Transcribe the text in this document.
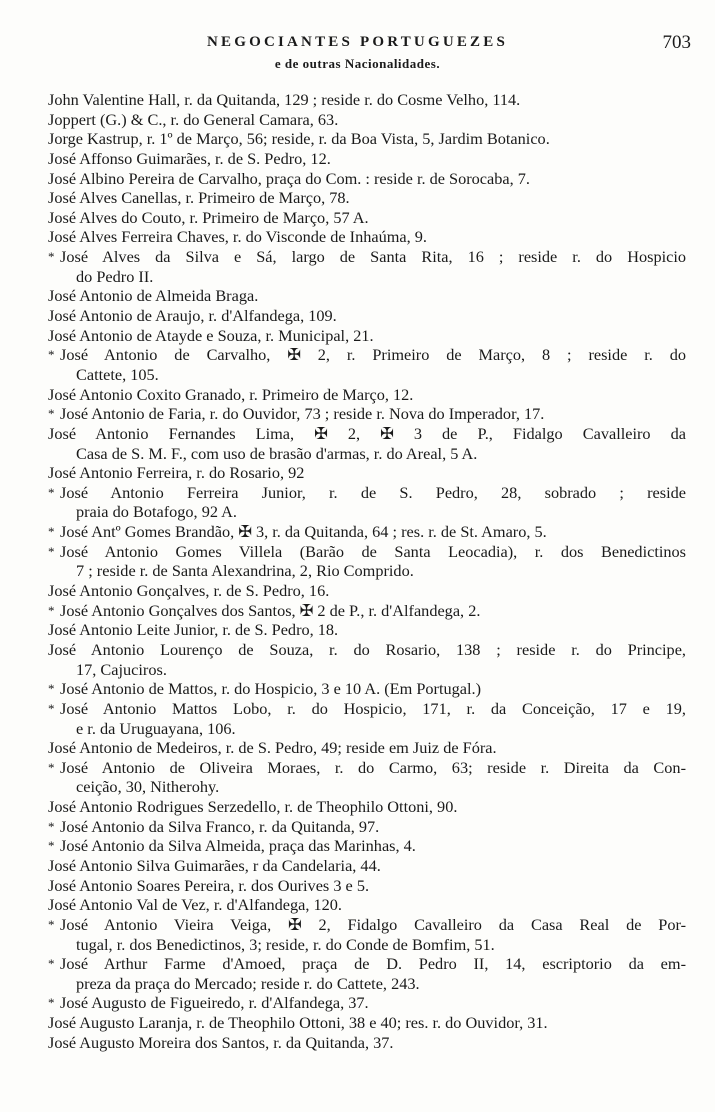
NEGOCIANTES PORTUGUEZES	703
e de outras Nacionalidades.
John Valentine Hall, r. da Quitanda, 129 ; reside r. do Cosme Velho, 114.
Joppert (G.) & C., r. do General Camara, 63.
Jorge Kastrup, r. 1º de Março, 56; reside, r. da Boa Vista, 5, Jardim Botanico.
José Affonso Guimarães, r. de S. Pedro, 12.
José Albino Pereira de Carvalho, praça do Com. : reside r. de Sorocaba, 7.
José Alves Canellas, r. Primeiro de Março, 78.
José Alves do Couto, r. Primeiro de Março, 57 A.
José Alves Ferreira Chaves, r. do Visconde de Inhaúma, 9.
* José Alves da Silva e Sá, largo de Santa Rita, 16 ; reside r. do Hospicio
do Pedro II.
José Antonio de Almeida Braga.
José Antonio de Araujo, r. d'Alfandega, 109.
José Antonio de Atayde e Souza, r. Municipal, 21.
* José Antonio de Carvalho, ✠ 2, r. Primeiro de Março, 8 ; reside r. do
Cattete, 105.
José Antonio Coxito Granado, r. Primeiro de Março, 12.
* José Antonio de Faria, r. do Ouvidor, 73 ; reside r. Nova do Imperador, 17.
José Antonio Fernandes Lima, ✠ 2, ✠ 3 de P., Fidalgo Cavalleiro da
Casa de S. M. F., com uso de brasão d'armas, r. do Areal, 5 A.
José Antonio Ferreira, r. do Rosario, 92
* José Antonio Ferreira Junior, r. de S. Pedro, 28, sobrado ; reside
praia do Botafogo, 92 A.
* José Antº Gomes Brandão, ✠ 3, r. da Quitanda, 64 ; res. r. de St. Amaro, 5.
* José Antonio Gomes Villela (Barão de Santa Leocadia), r. dos Benedictinos
7 ; reside r. de Santa Alexandrina, 2, Rio Comprido.
José Antonio Gonçalves, r. de S. Pedro, 16.
* José Antonio Gonçalves dos Santos, ✠ 2 de P., r. d'Alfandega, 2.
José Antonio Leite Junior, r. de S. Pedro, 18.
José Antonio Lourenço de Souza, r. do Rosario, 138 ; reside r. do Principe,
17, Cajuciros.
* José Antonio de Mattos, r. do Hospicio, 3 e 10 A. (Em Portugal.)
* José Antonio Mattos Lobo, r. do Hospicio, 171, r. da Conceição, 17 e 19,
e r. da Uruguayana, 106.
José Antonio de Medeiros, r. de S. Pedro, 49; reside em Juiz de Fóra.
* José Antonio de Oliveira Moraes, r. do Carmo, 63; reside r. Direita da Con-
ceição, 30, Nitherohy.
José Antonio Rodrigues Serzedello, r. de Theophilo Ottoni, 90.
* José Antonio da Silva Franco, r. da Quitanda, 97.
* José Antonio da Silva Almeida, praça das Marinhas, 4.
José Antonio Silva Guimarães, r da Candelaria, 44.
José Antonio Soares Pereira, r. dos Ourives 3 e 5.
José Antonio Val de Vez, r. d'Alfandega, 120.
* José Antonio Vieira Veiga, ✠ 2, Fidalgo Cavalleiro da Casa Real de Por-
tugal, r. dos Benedictinos, 3; reside, r. do Conde de Bomfim, 51.
* José Arthur Farme d'Amoed, praça de D. Pedro II, 14, escriptorio da em-
preza da praça do Mercado; reside r. do Cattete, 243.
* José Augusto de Figueiredo, r. d'Alfandega, 37.
José Augusto Laranja, r. de Theophilo Ottoni, 38 e 40; res. r. do Ouvidor, 31.
José Augusto Moreira dos Santos, r. da Quitanda, 37.
